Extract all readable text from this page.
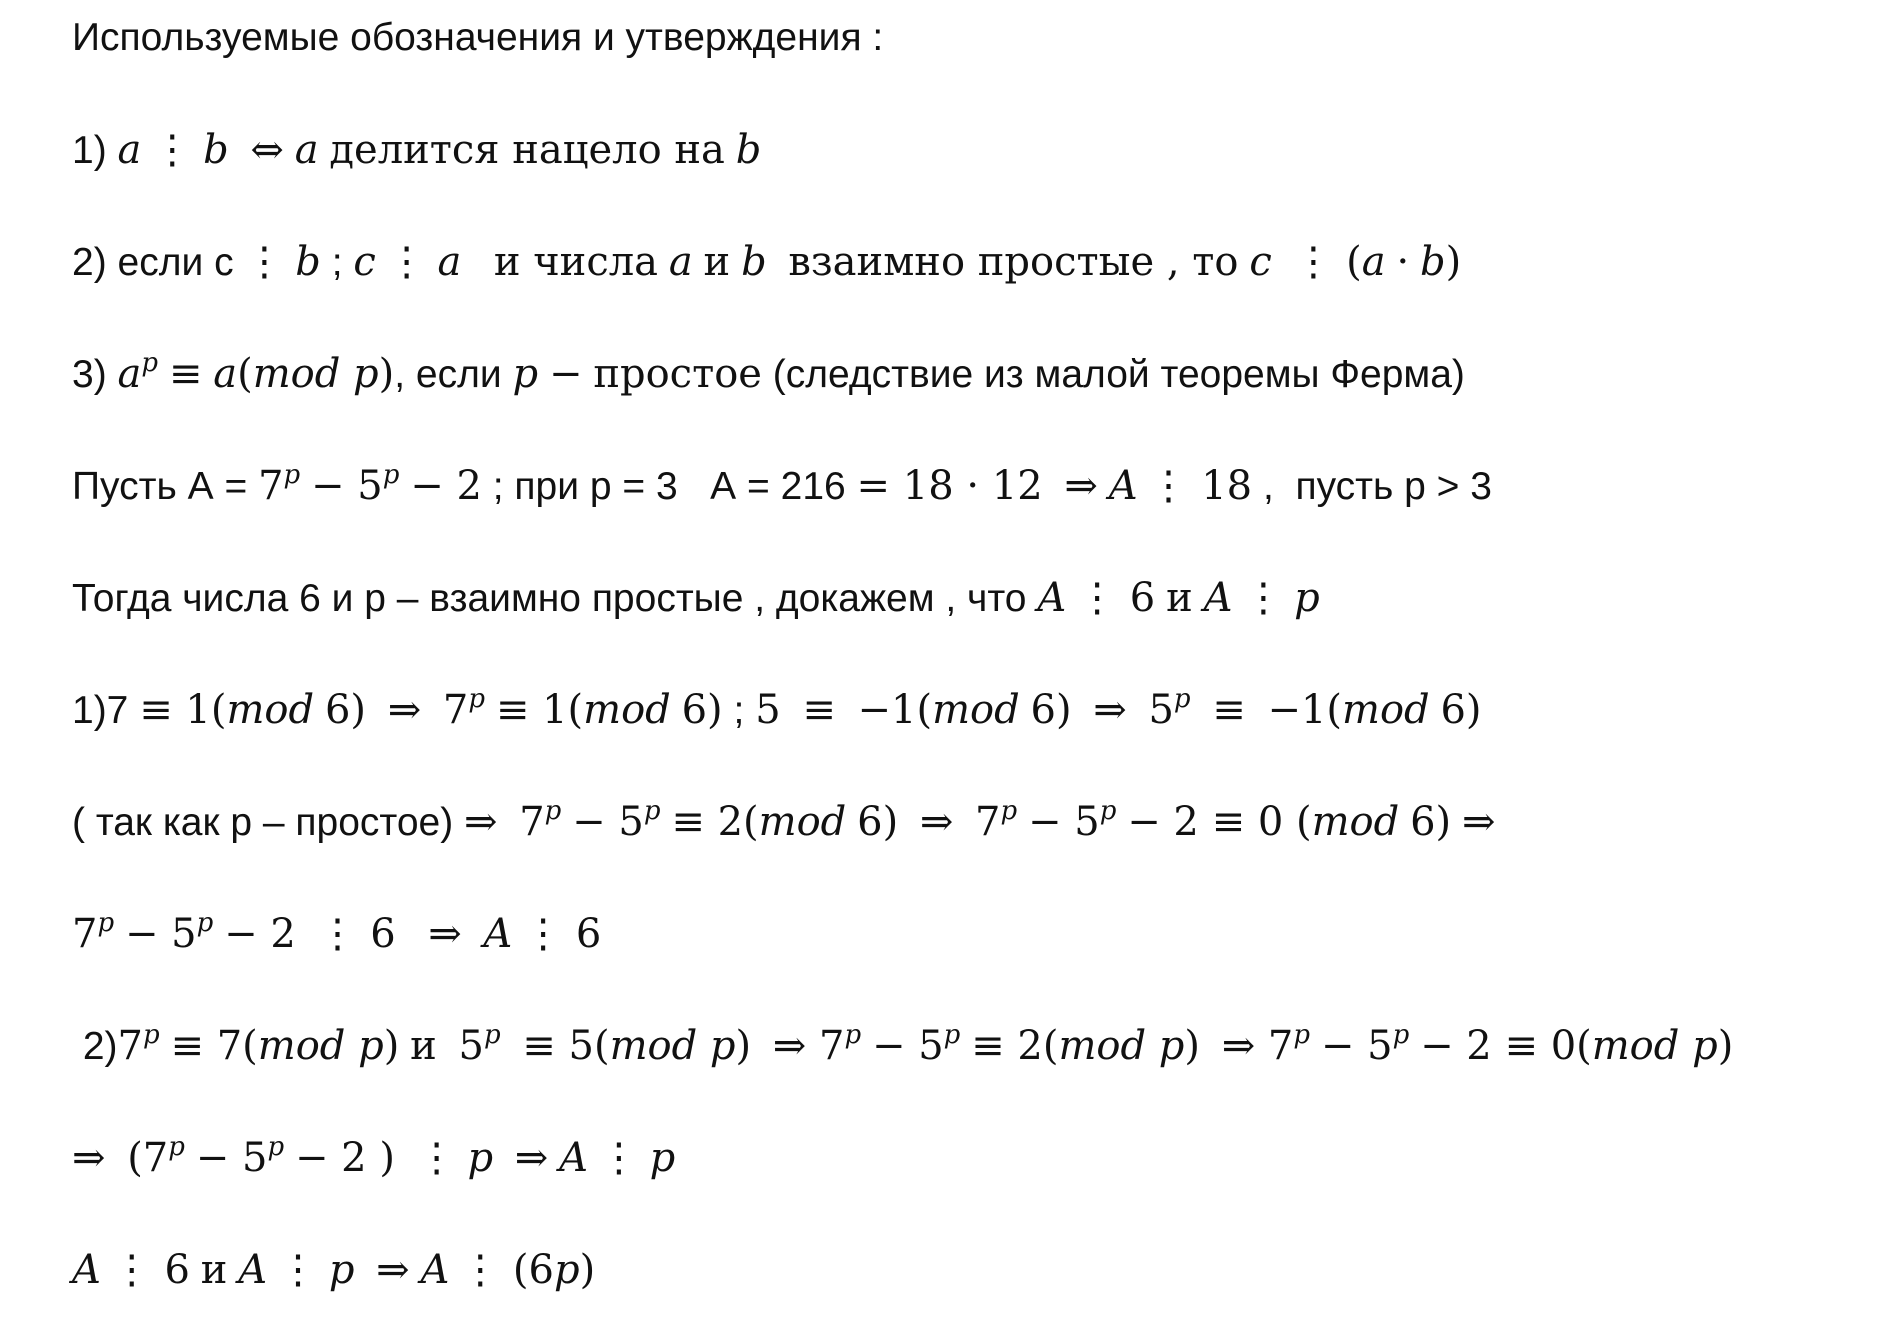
Используемые обозначения и утверждения :
1) a ⋮ b ⇔ a делится нацело на b
2) если с ⋮ b ; c ⋮ a и числа a и b взаимно простые , то c ⋮ (a · b)
3) $a^p \equiv a(mod$ p), если p − простое (следствие из малой теоремы Ферма)
Пусть $А = 7^p - 5^p - 2$ ; при р = 3   А = 216 = 18 · 12 ⇒ A ⋮ 18 ,  пусть р > 3
Тогда числа 6 и р – взаимно простые , докажем , что A ⋮ 6 и A ⋮ p
1)7 ≡ 1(mod 6) ⇒ $7^p \equiv 1(mod$ 6) ; 5 ≡ −1(mod 6) ⇒ $5^p \equiv -1(mod$ 6)
( так как р – простое) ⇒ $7^p - 5^p \equiv 2(mod$ 6) ⇒ $7^p - 5^p - 2 \equiv 0$ (mod 6) ⇒
$7^p - 5^p - 2$ ⋮ 6 ⇒ A ⋮ 6
$2)7^p \equiv 7(mod$ p) и $5^p \equiv 5(mod$ p) ⇒ $7^p - 5^p \equiv 2(mod$ p) ⇒ $7^p - 5^p - 2 \equiv 0(mod$ p)
⇒ ($7^p - 5^p - 2$ ) ⋮ p ⇒ A ⋮ p
A ⋮ 6 и A ⋮ p ⇒ A ⋮ (6p)
